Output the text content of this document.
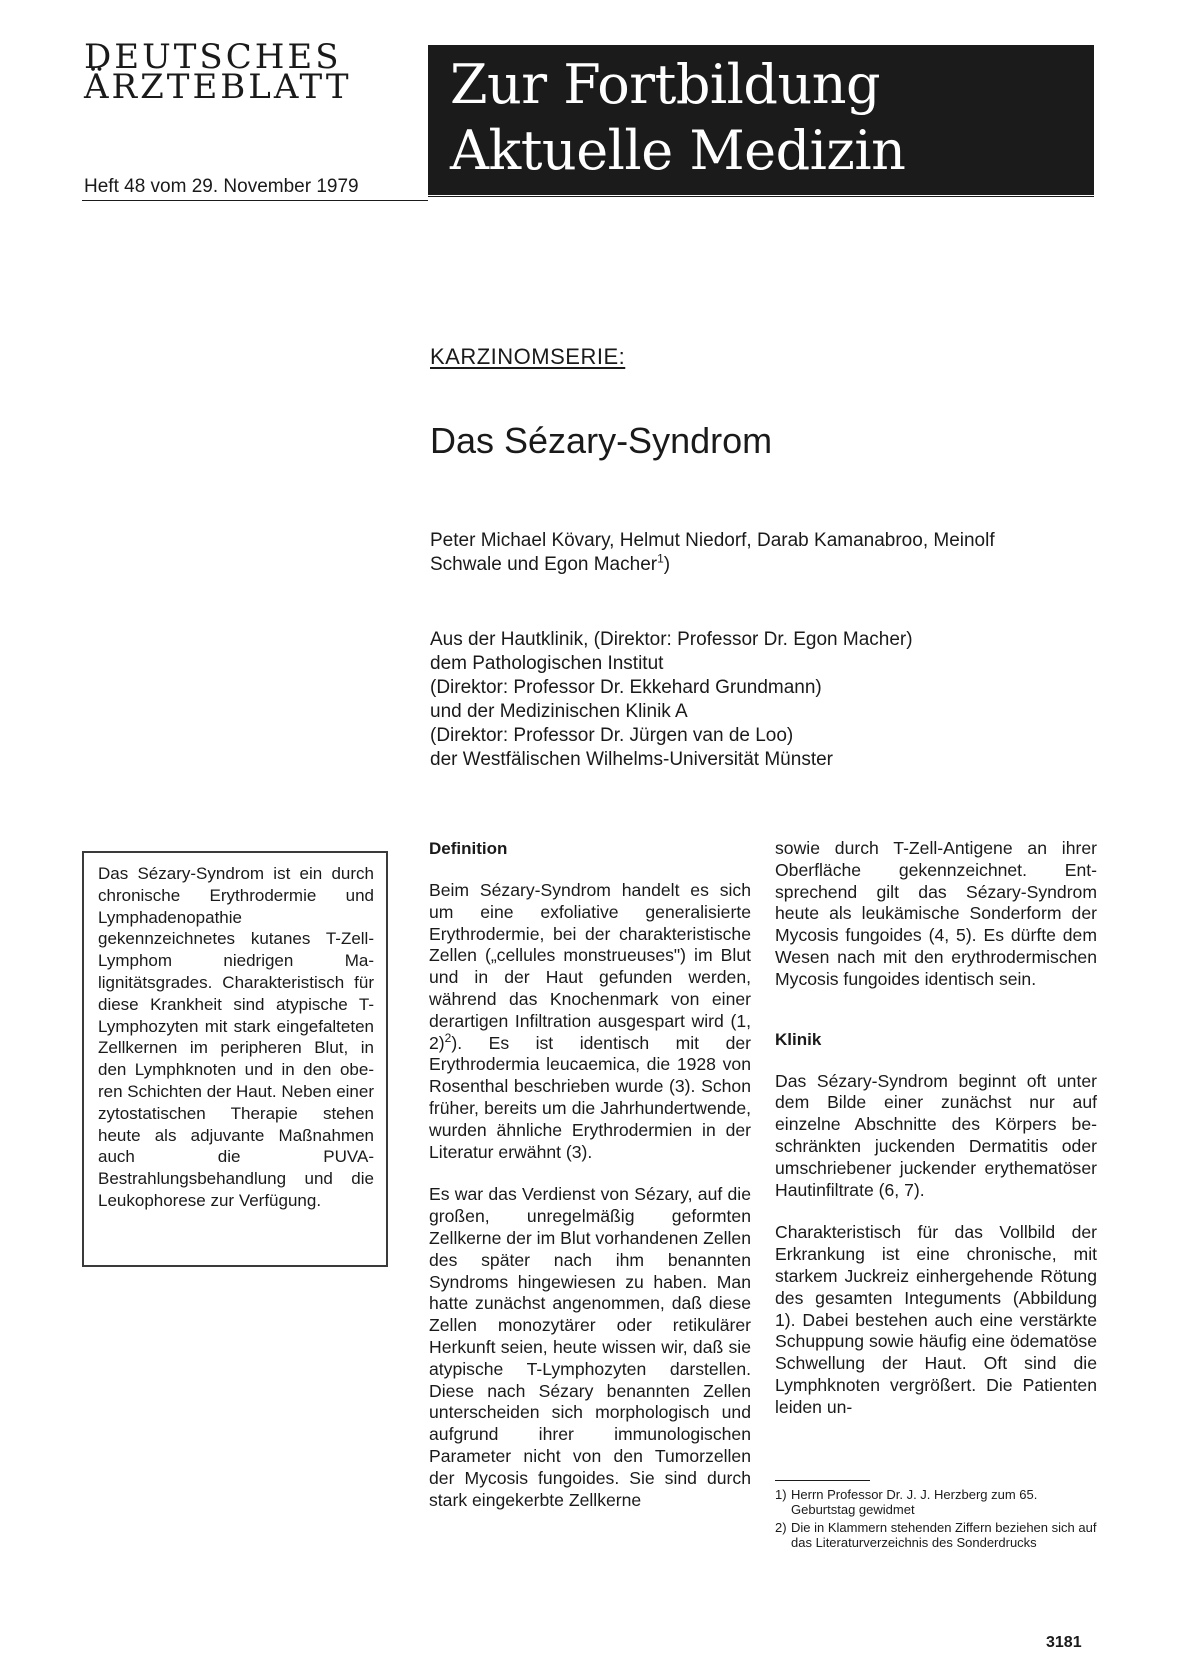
DEUTSCHES
ÄRZTEBLATT

Heft 48 vom 29. November 1979

Zur Fortbildung

Aktuelle Medizin

KARZINOMSERIE:

Das Sézary-Syndrom

Peter Michael Kövary, Helmut Niedorf, Darab Kamanabroo, Meinolf Schwale und Egon Macher$^1$)

Aus der Hautklinik, (Direktor: Professor Dr. Egon Macher)
dem Pathologischen Institut
(Direktor: Professor Dr. Ekkehard Grundmann)
und der Medizinischen Klinik A
(Direktor: Professor Dr. Jürgen van de Loo)
der Westfälischen Wilhelms-Universität Münster
Das Sézary-Syndrom ist ein durch chronische Erythrodermie und Lymphadenopathie gekennzeichnetes kutanes T-Zell-Lymphom niedrigen Malignitätsgrades. Charakteristisch für diese Krankheit sind atypische T-Lymphozyten mit stark eingefalteten Zellkernen im peripheren Blut, in den Lymphknoten und in den oberen Schichten der Haut. Neben einer zytostatischen Therapie stehen heute als adjuvante Maßnahmen auch die PUVA-Bestrahlungsbehandlung und die Leukophorese zur Verfügung.
Definition

Beim Sézary-Syndrom handelt es sich um eine exfoliative generalisierte Erythrodermie, bei der charakteristische Zellen („cellules monstrueuses") im Blut und in der Haut gefunden werden, während das Knochenmark von einer derartigen Infiltration ausgespart wird (1, 2)$^2$). Es ist identisch mit der Erythrodermia leucaemica, die 1928 von Rosenthal beschrieben wurde (3). Schon früher, bereits um die Jahrhundertwende, wurden ähnliche Erythrodermien in der Literatur erwähnt (3).

Es war das Verdienst von Sézary, auf die großen, unregelmäßig geformten Zellkerne der im Blut vorhandenen Zellen des später nach ihm benannten Syndroms hingewiesen zu haben. Man hatte zunächst angenommen, daß diese Zellen monozytärer oder retikulärer Herkunft seien, heute wissen wir, daß sie atypische T-Lymphozyten darstellen. Diese nach Sézary benannten Zellen unterscheiden sich morphologisch und aufgrund ihrer immunologischen Parameter nicht von den Tumorzellen der Mycosis fungoides. Sie sind durch stark eingekerbte Zellkerne

sowie durch T-Zell-Antigene an ihrer Oberfläche gekennzeichnet. Entsprechend gilt das Sézary-Syndrom heute als leukämische Sonderform der Mycosis fungoides (4, 5). Es dürfte dem Wesen nach mit den erythrodermischen Mycosis fungoides identisch sein.

Klinik

Das Sézary-Syndrom beginnt oft unter dem Bilde einer zunächst nur auf einzelne Abschnitte des Körpers beschränkten juckenden Dermatitis oder umschriebener juckender erythematöser Hautinfiltrate (6, 7).

Charakteristisch für das Vollbild der Erkrankung ist eine chronische, mit starkem Juckreiz einhergehende Rötung des gesamten Integuments (Abbildung 1). Dabei bestehen auch eine verstärkte Schuppung sowie häufig eine ödematöse Schwellung der Haut. Oft sind die Lymphknoten vergrößert. Die Patienten leiden un-

1) Herrn Professor Dr. J. J. Herzberg zum 65. Geburtstag gewidmet

2) Die in Klammern stehenden Ziffern beziehen sich auf das Literaturverzeichnis des Sonderdrucks

3181
